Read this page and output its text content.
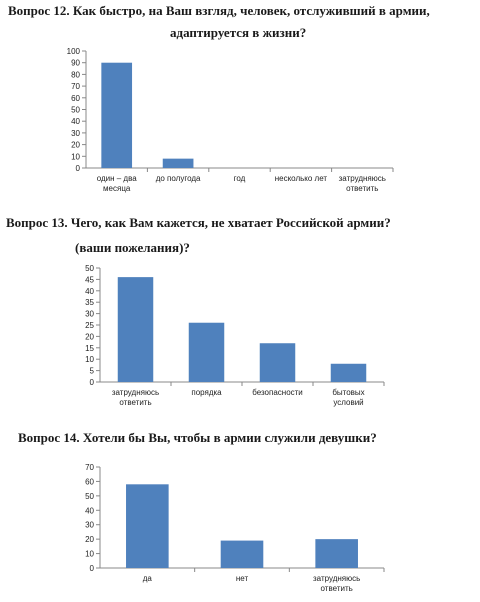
Вопрос 12. Как быстро, на Ваш взгляд, человек, отслуживший в армии,

адаптируется в жизни?

0
10
20
30
40
50
60
70
80
90
100
один – два месяца
до полугода	год	несколько лет затрудняюсь ответить

Вопрос 13. Чего, как Вам кажется, не хватает Российской армии?

(ваши пожелания)?

0
5
10
15
20
25
30
35
40
45
50
затрудняюсь ответить
порядка	безопасности	бытовых условий

Вопрос 14. Хотели бы Вы, чтобы в армии служили девушки?

0
10
20
30
40
50
60
70
да	нет	затрудняюсь ответить
